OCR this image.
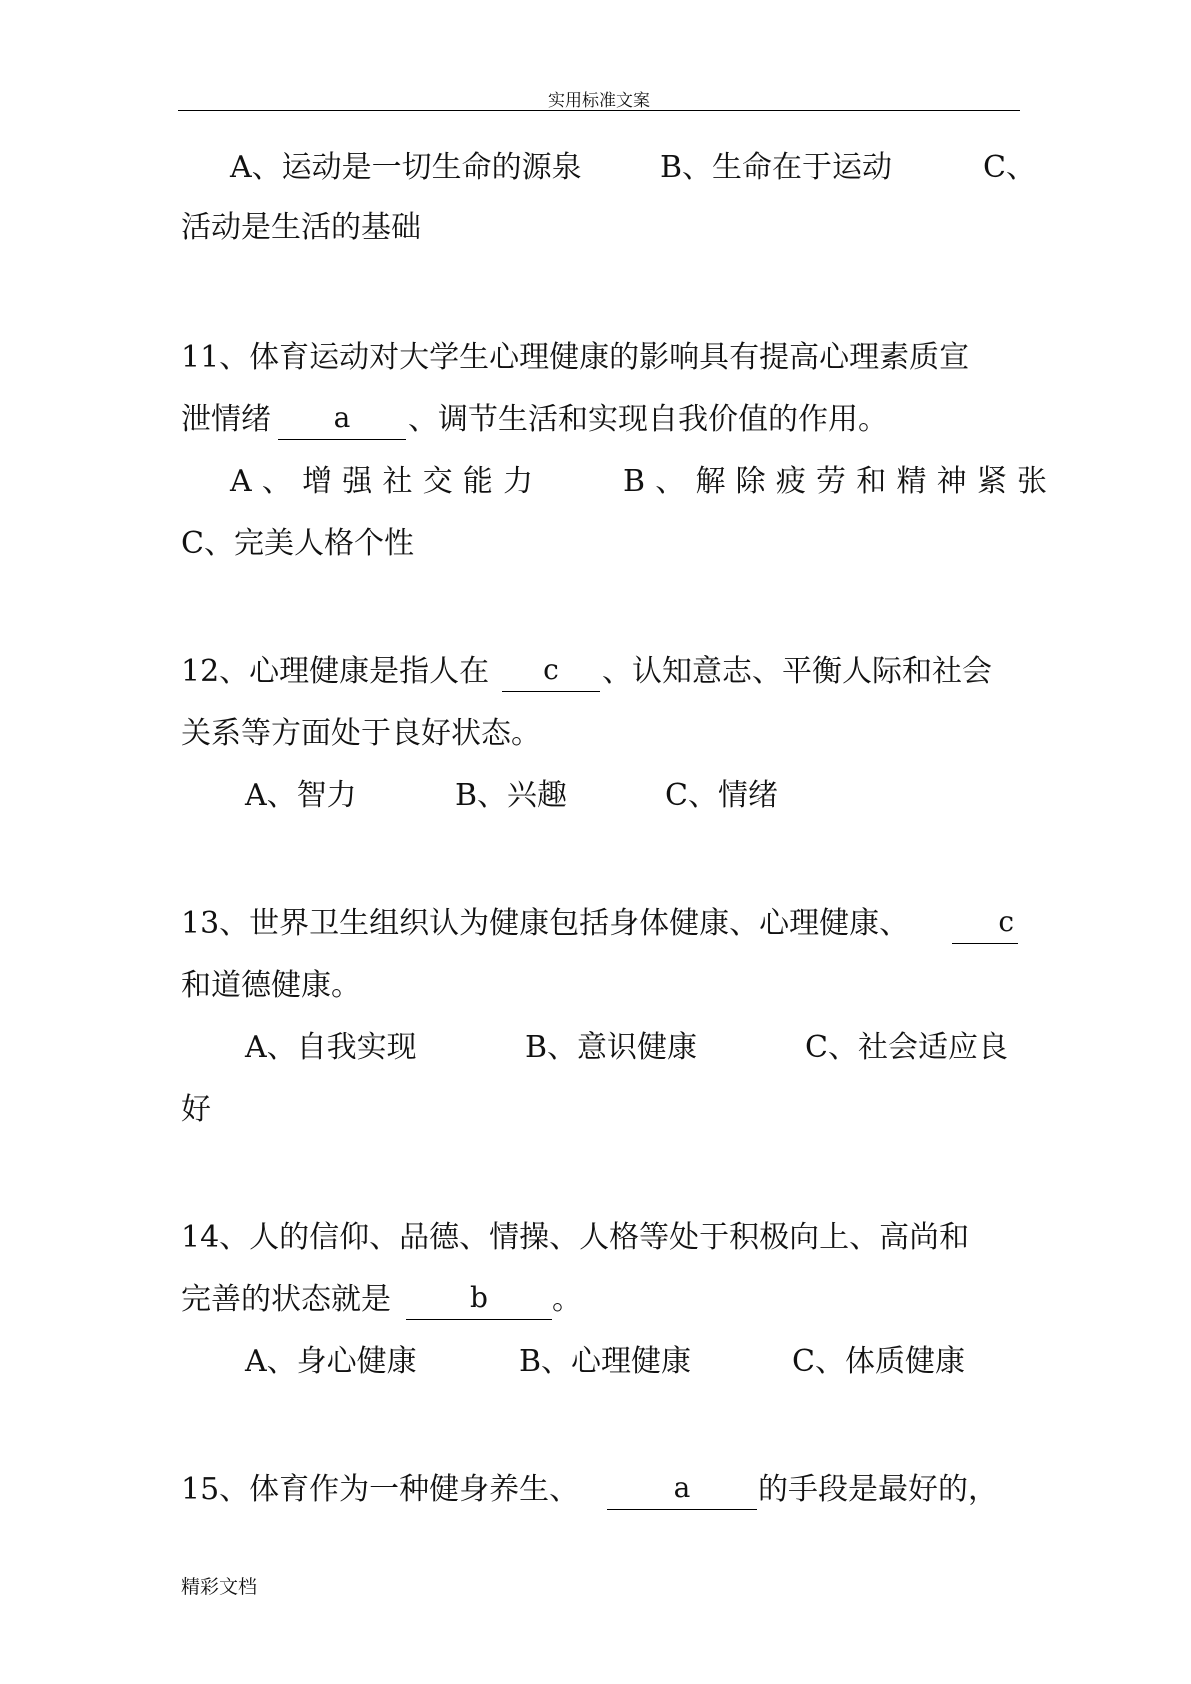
实用标准文案
A、运动是一切生命的源泉	B、生命在于运动	C、
活动是生活的基础
11、体育运动对大学生心理健康的影响具有提高心理素质宣
泄情绪	a	、调节生活和实现自我价值的作用。
A、增强社交能力	B、解除疲劳和精神紧张
C、完美人格个性
12、心理健康是指人在	c	、认知意志、平衡人际和社会
关系等方面处于良好状态。
A、智力	B、兴趣	C、情绪
13、世界卫生组织认为健康包括身体健康、心理健康、	c
和道德健康。
A、自我实现	B、意识健康	C、社会适应良
好
14、人的信仰、品德、情操、人格等处于积极向上、高尚和
完善的状态就是	b	。
A、身心健康	B、心理健康	C、体质健康
15、体育作为一种健身养生、	a	的手段是最好的，
精彩文档
